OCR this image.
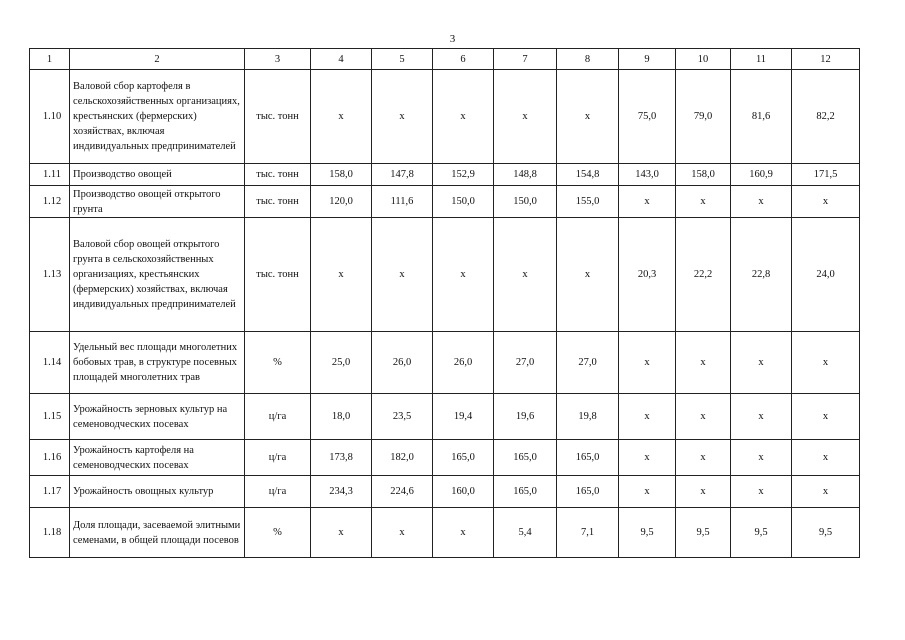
3
1	2	3	4	5	6	7	8	9	10	11	12
1.10	Валовой сбор картофеля в сельскохозяйственных организациях, крестьянских (фермерских) хозяйствах, включая индивидуальных предпринимателей	тыс. тонн	х	х	х	х	х	75,0	79,0	81,6	82,2
1.11	Производство овощей	тыс. тонн	158,0	147,8	152,9	148,8	154,8	143,0	158,0	160,9	171,5
1.12	Производство овощей открытого грунта	тыс. тонн	120,0	111,6	150,0	150,0	155,0	х	х	х	х
1.13	Валовой сбор овощей открытого грунта в сельскохозяйственных организациях, крестьянских (фермерских) хозяйствах, включая индивидуальных предпринимателей	тыс. тонн	х	х	х	х	х	20,3	22,2	22,8	24,0
1.14	Удельный вес площади многолетних бобовых трав, в структуре посевных площадей многолетних трав	%	25,0	26,0	26,0	27,0	27,0	х	х	х	х
1.15	Урожайность зерновых культур на семеноводческих посевах	ц/га	18,0	23,5	19,4	19,6	19,8	х	х	х	х
1.16	Урожайность картофеля на семеноводческих посевах	ц/га	173,8	182,0	165,0	165,0	165,0	х	х	х	х
1.17	Урожайность овощных культур	ц/га	234,3	224,6	160,0	165,0	165,0	х	х	х	х
1.18	Доля площади, засеваемой элитными семенами, в общей площади посевов	%	х	х	х	5,4	7,1	9,5	9,5	9,5	9,5
